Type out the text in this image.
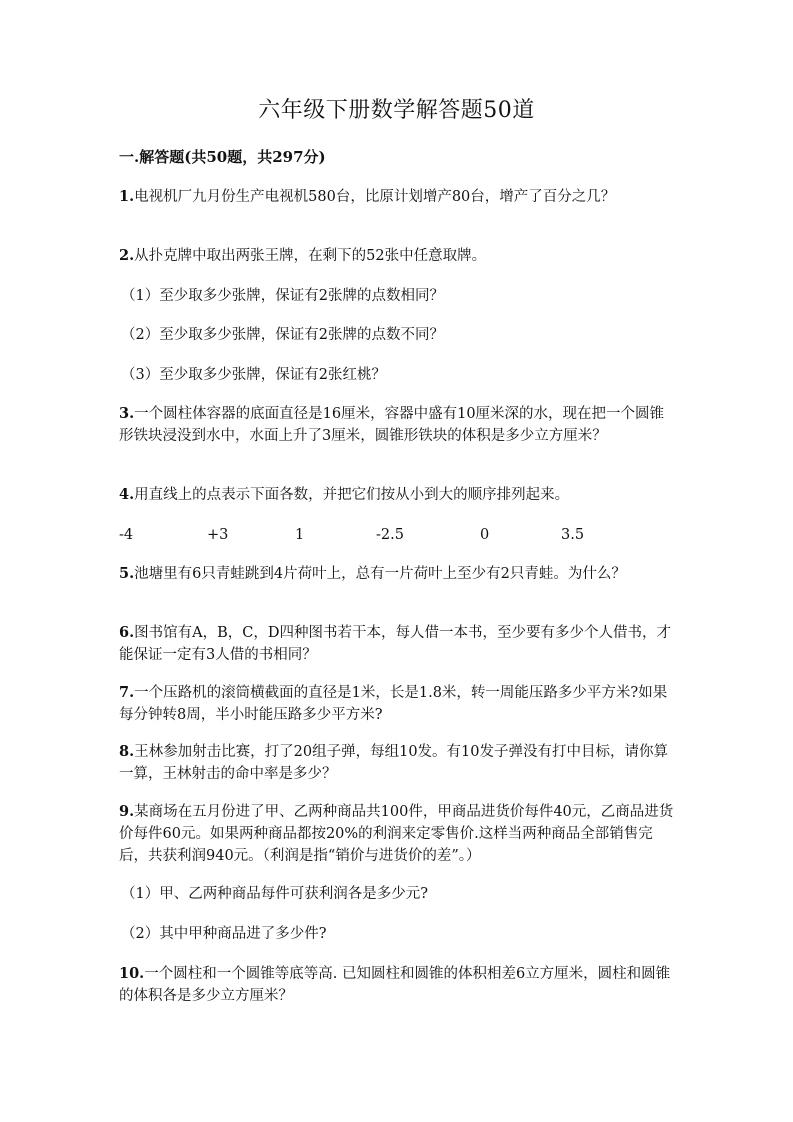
六年级下册数学解答题50道
一.解答题(共50题，共297分)
1.电视机厂九月份生产电视机580台，比原计划增产80台，增产了百分之几？
2.从扑克牌中取出两张王牌，在剩下的52张中任意取牌。
（1）至少取多少张牌，保证有2张牌的点数相同？
（2）至少取多少张牌，保证有2张牌的点数不同？
（3）至少取多少张牌，保证有2张红桃？
3.一个圆柱体容器的底面直径是16厘米，容器中盛有10厘米深的水，现在把一个圆锥形铁块浸没到水中，水面上升了3厘米，圆锥形铁块的体积是多少立方厘米？
4.用直线上的点表示下面各数，并把它们按从小到大的顺序排列起来。
-4	+3	1	-2.5	0	3.5
5.池塘里有6只青蛙跳到4片荷叶上，总有一片荷叶上至少有2只青蛙。为什么？
6.图书馆有A，B，C，D四种图书若干本，每人借一本书，至少要有多少个人借书，才能保证一定有3人借的书相同？
7.一个压路机的滚筒横截面的直径是1米，长是1.8米，转一周能压路多少平方米?如果每分钟转8周，半小时能压路多少平方米?
8.王林参加射击比赛，打了20组子弹，每组10发。有10发子弹没有打中目标，请你算一算，王林射击的命中率是多少？
9.某商场在五月份进了甲、乙两种商品共100件，甲商品进货价每件40元，乙商品进货价每件60元。如果两种商品都按20%的利润来定零售价.这样当两种商品全部销售完后，共获利润940元。（利润是指“销价与进货价的差”。）
（1）甲、乙两种商品每件可获利润各是多少元?
（2）其中甲种商品进了多少件?
10.一个圆柱和一个圆锥等底等高. 已知圆柱和圆锥的体积相差6立方厘米，圆柱和圆锥的体积各是多少立方厘米？
